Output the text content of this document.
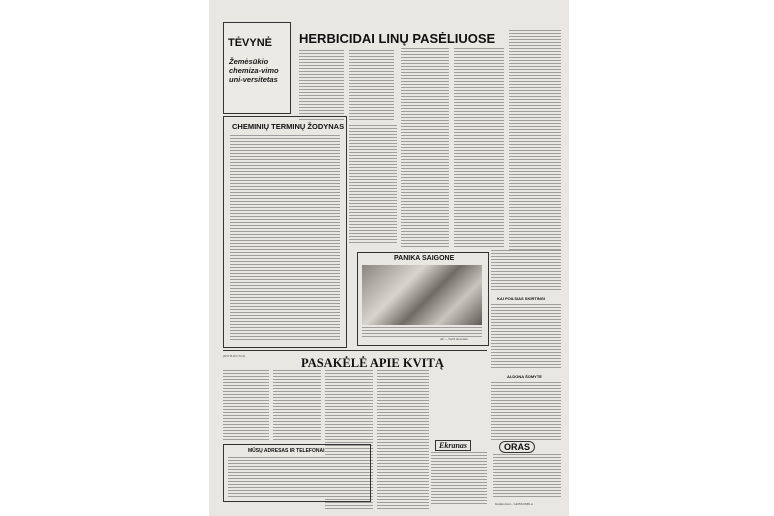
TĖVYNĖ
Žemėsūkio chemiza-vimo uni-versitetas
HERBICIDAI LINŲ PASĖLIUOSE
CHEMINIŲ TERMINŲ ŽODYNAS
PANIKA SAIGONE
AP — TASS nuotrauka
KAI POILSIAS SKIRTINGI
ALDONA ŠOMYTE
(KVITLIUS Nr 6)	PASAKĖLĖ APIE KVITĄ
MŪSŲ ADRESAS IR TELEFONAI
Ekranas	ORAS
Redaktorius L. GRINSONBLA
